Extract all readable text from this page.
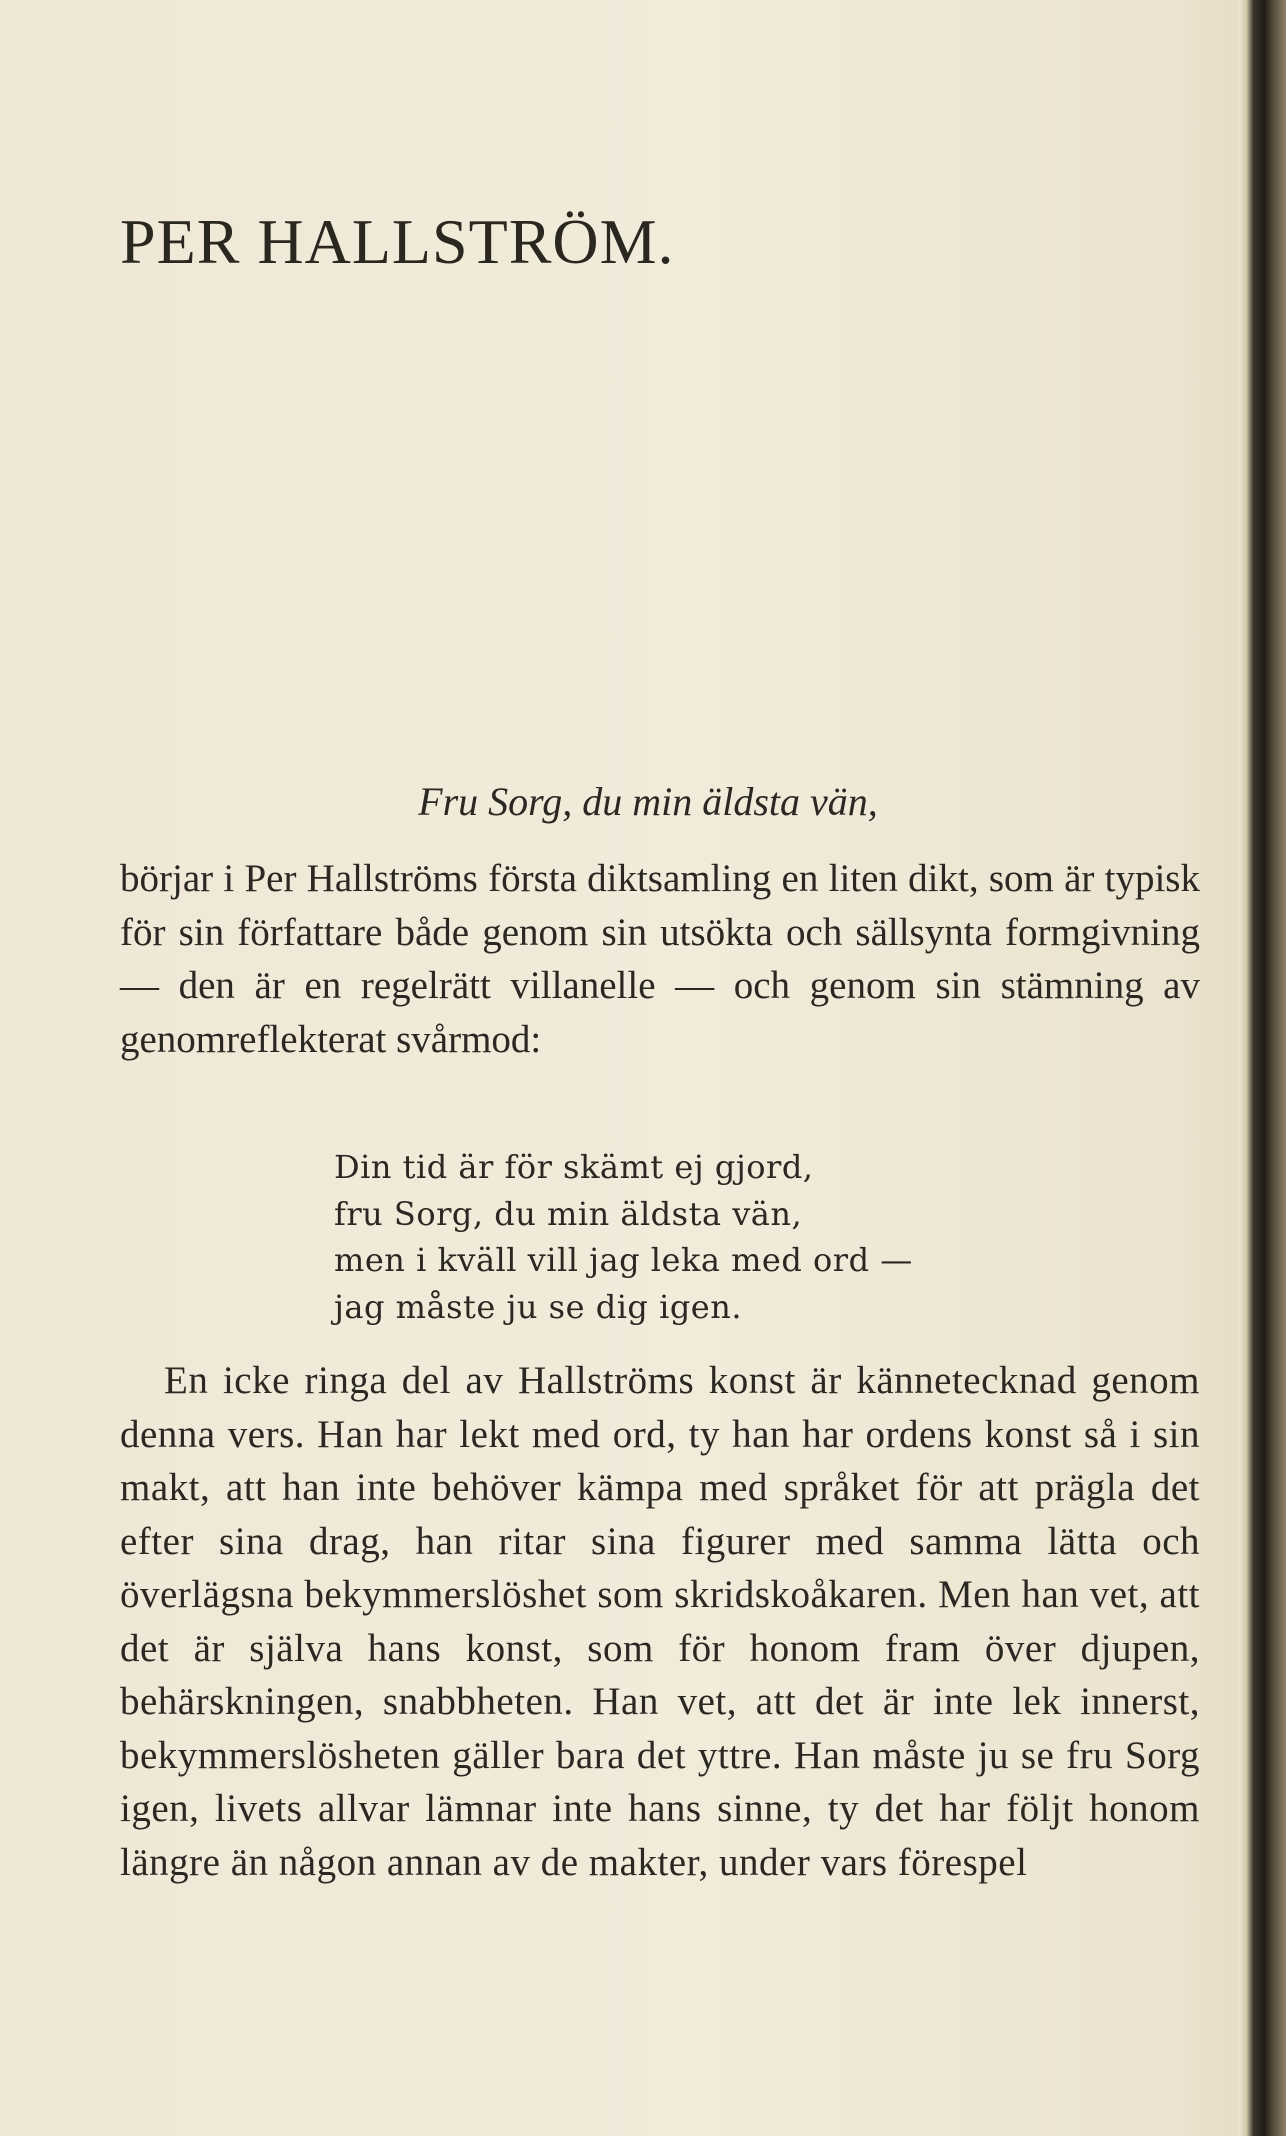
PER HALLSTRÖM.
Fru Sorg, du min äldsta vän,

börjar i Per Hallströms första diktsamling en liten dikt, som är typisk för sin författare både genom sin utsökta och sällsynta formgivning — den är en regelrätt villanelle — och genom sin stämning av genomreflekterat svårmod:

Din tid är för skämt ej gjord,
fru Sorg, du min äldsta vän,
men i kväll vill jag leka med ord —
jag måste ju se dig igen.

En icke ringa del av Hallströms konst är kännetecknad genom denna vers. Han har lekt med ord, ty han har ordens konst så i sin makt, att han inte behöver kämpa med språket för att prägla det efter sina drag, han ritar sina figurer med samma lätta och överlägsna bekymmerslöshet som skridskoåkaren. Men han vet, att det är själva hans konst, som för honom fram över djupen, behärskningen, snabbheten. Han vet, att det är inte lek innerst, bekymmerslösheten gäller bara det yttre. Han måste ju se fru Sorg igen, livets allvar lämnar inte hans sinne, ty det har följt honom längre än någon annan av de makter, under vars förespel
